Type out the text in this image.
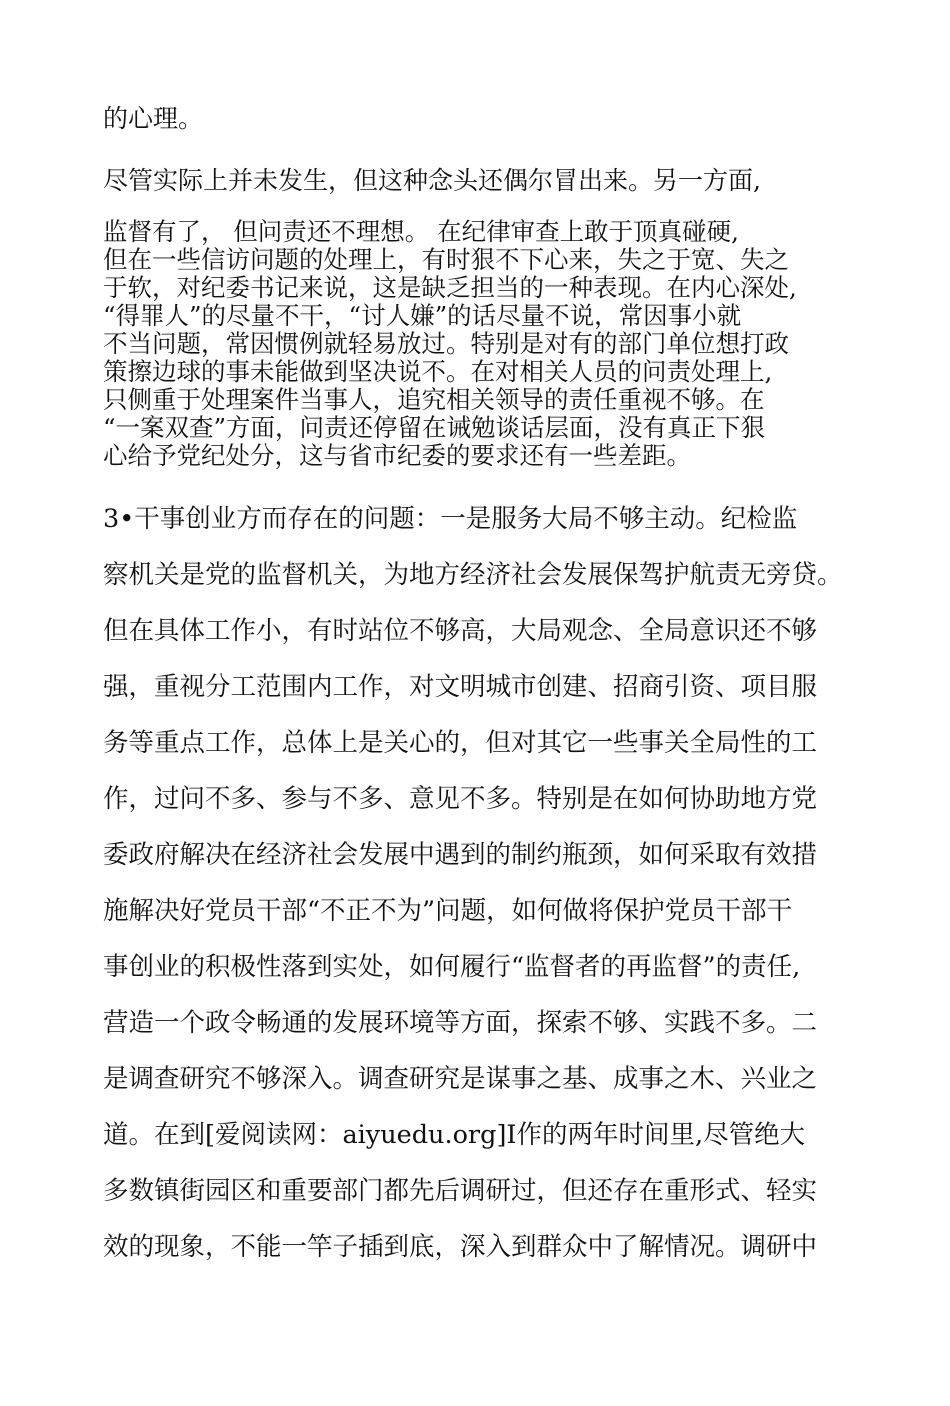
的心理。
尽管实际上并未发生，但这种念头还偶尔冒出来。另一方面,
监督有了， 但问责还不理想。 在纪律审查上敢于顶真碰硬,
但在一些信访问题的处理上，有时狠不下心来，失之于宽、失之
于软，对纪委书记来说，这是缺乏担当的一种表现。在内心深处,
“得罪人”的尽量不干，“讨人嫌”的话尽量不说，常因事小就
不当问题，常因惯例就轻易放过。特别是对有的部门单位想打政
策擦边球的事未能做到坚决说不。在对相关人员的问责处理上,
只侧重于处理案件当事人，追究相关领导的责任重视不够。在
“一案双查”方面，问责还停留在诫勉谈话层面，没有真正下狠
心给予党纪处分，这与省市纪委的要求还有一些差距。
3•干事创业方而存在的问题：一是服务大局不够主动。纪检监
察机关是党的监督机关，为地方经济社会发展保驾护航责无旁贷。
但在具体工作小，有时站位不够高，大局观念、全局意识还不够
强，重视分工范围内工作，对文明城市创建、招商引资、项目服
务等重点工作，总体上是关心的，但对其它一些事关全局性的工
作，过问不多、参与不多、意见不多。特别是在如何协助地方党
委政府解决在经济社会发展中遇到的制约瓶颈，如何采取有效措
施解决好党员干部“不正不为”问题，如何做将保护党员干部干
事创业的积极性落到实处，如何履行“监督者的再监督”的责任,
营造一个政令畅通的发展环境等方面，探索不够、实践不多。二
是调查研究不够深入。调查研究是谋事之基、成事之木、兴业之
道。在到[爱阅读网：aiyuedu.org]I作的两年时间里,尽管绝大
多数镇街园区和重要部门都先后调研过，但还存在重形式、轻实
效的现象，不能一竿子插到底，深入到群众中了解情况。调研中
